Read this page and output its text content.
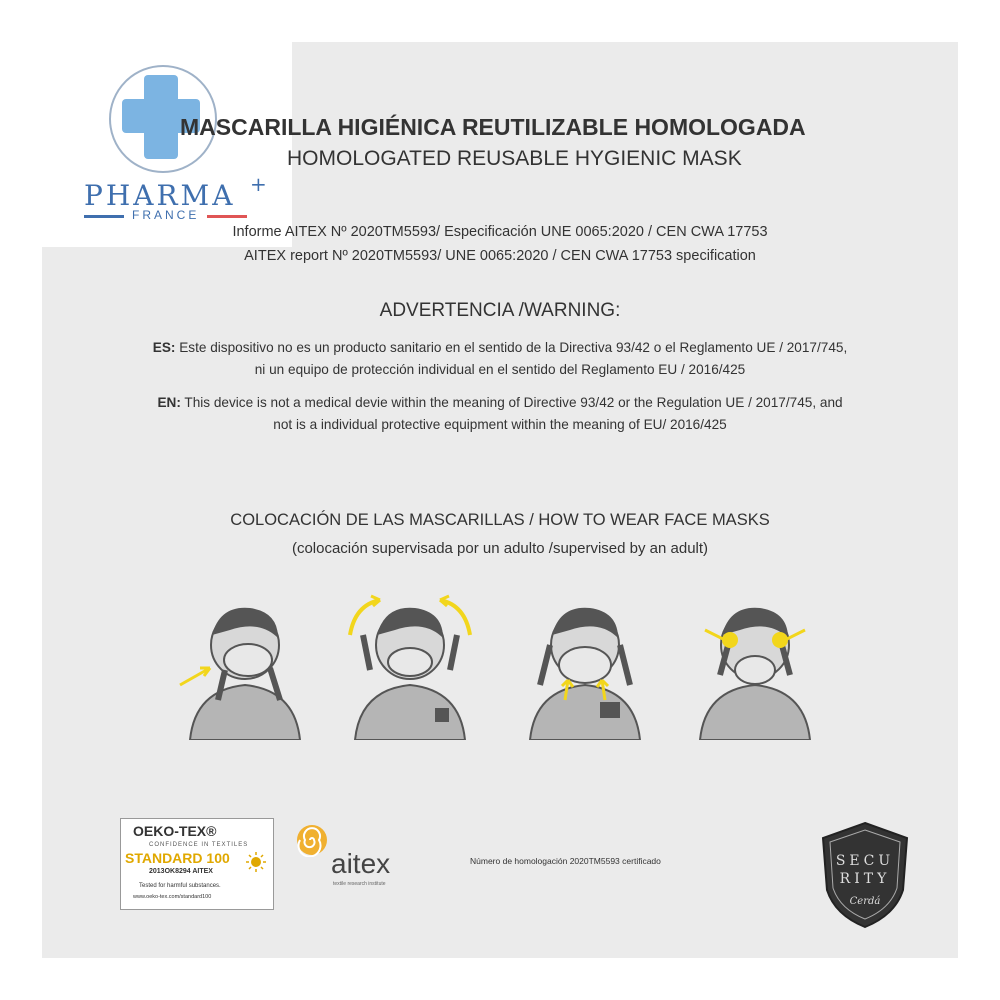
PHARMA +
FRANCE
MASCARILLA HIGIÉNICA REUTILIZABLE HOMOLOGADA
HOMOLOGATED REUSABLE HYGIENIC MASK
Informe AITEX Nº 2020TM5593/ Especificación UNE 0065:2020 / CEN CWA 17753
AITEX report Nº 2020TM5593/ UNE 0065:2020 / CEN CWA 17753 specification
ADVERTENCIA /WARNING:
ES: Este dispositivo no es un producto sanitario en el sentido de la Directiva 93/42 o el Reglamento UE / 2017/745,
ni un equipo de protección individual en el sentido del Reglamento EU / 2016/425
EN: This device is not a medical devie within the meaning of Directive 93/42 or the Regulation UE / 2017/745, and
not is a individual protective equipment within the meaning of EU/ 2016/425
COLOCACIÓN DE LAS MASCARILLAS / HOW TO WEAR FACE MASKS
(colocación supervisada por un adulto /supervised by an adult)
OEKO-TEX®
CONFIDENCE IN TEXTILES
STANDARD 100
2013OK8294 AITEX
Tested for harmful substances.
www.oeko-tex.com/standard100
aitex
textile research institute
Número de homologación 2020TM5593 certificado	SECU
RITY
Cerdá
